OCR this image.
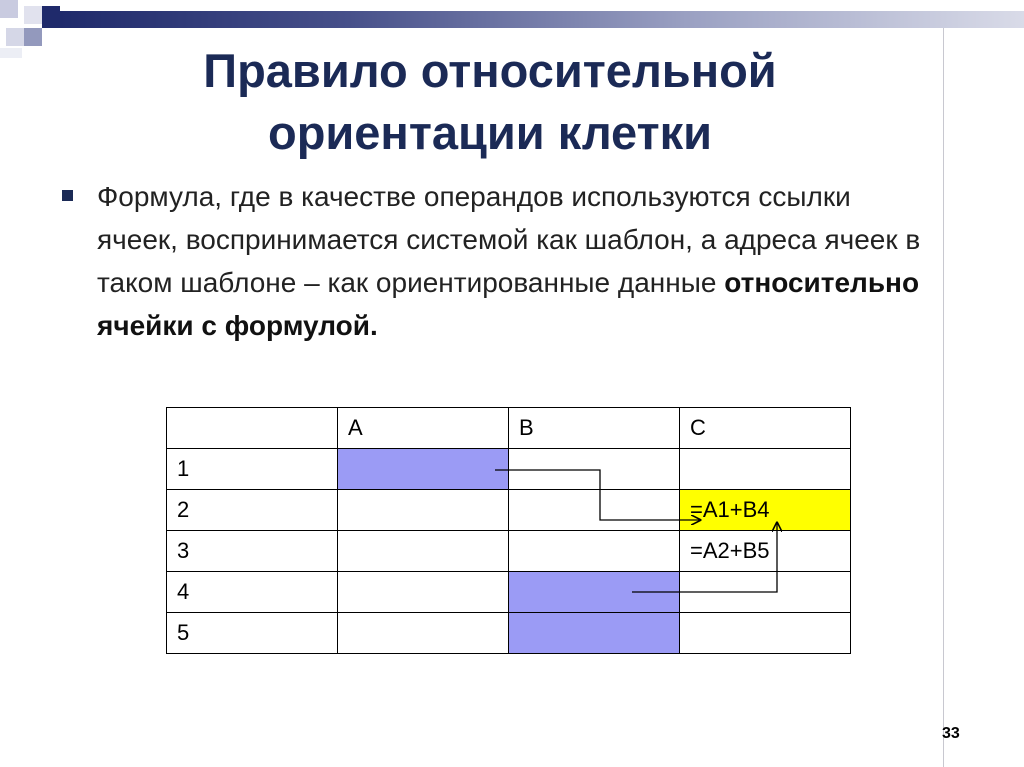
Правило относительной
ориентации клетки
Формула, где в качестве операндов используются ссылки ячеек, воспринимается системой как шаблон, а адреса ячеек в таком шаблоне – как ориентированные данные относительно ячейки с формулой.
	A	B	C
1			
2			=A1+B4
3			=A2+B5
4			
5			
33
